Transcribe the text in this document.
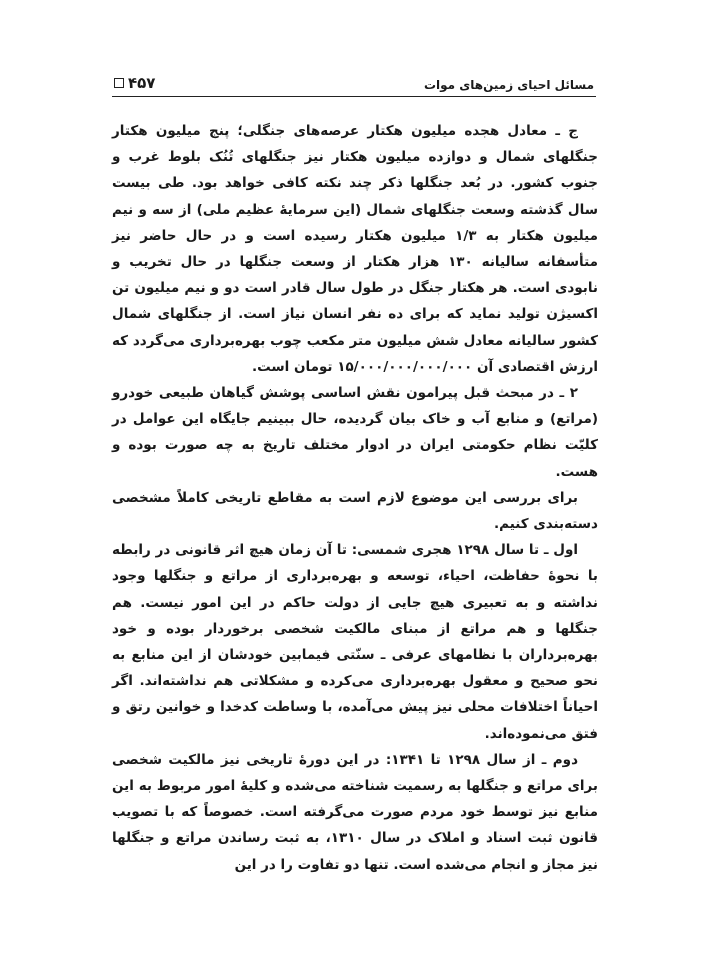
مسائل احیای زمین‌های موات
۴۵۷

ج ـ معادل هجده میلیون هکتار عرصه‌های جنگلی؛ پنج میلیون هکتار جنگلهای شمال و دوازده میلیون هکتار نیز جنگلهای تُنُک بلوط غرب و جنوب کشور. در بُعد جنگلها ذکر چند نکته کافی خواهد بود. طی بیست سال گذشته وسعت جنگلهای شمال (این سرمایهٔ عظیم ملی) از سه و نیم میلیون هکتار به ۱/۳ میلیون هکتار رسیده است و در حال حاضر نیز متأسفانه سالیانه ۱۳۰ هزار هکتار از وسعت جنگلها در حال تخریب و نابودی است. هر هکتار جنگل در طول سال قادر است دو و نیم میلیون تن اکسیژن تولید نماید که برای ده نفر انسان نیاز است. از جنگلهای شمال کشور سالیانه معادل شش میلیون متر مکعب چوب بهره‌برداری می‌گردد که ارزش اقتصادی آن ۱۵/۰۰۰/۰۰۰/۰۰۰/۰۰۰ تومان است.

۲ ـ در مبحث قبل پیرامون نقش اساسی پوشش گیاهان طبیعی خودرو (مراتع) و منابع آب و خاک بیان گردیده، حال ببینیم جایگاه این عوامل در کلیّت نظام حکومتی ایران در ادوار مختلف تاریخ به چه صورت بوده و هست.

برای بررسی این موضوع لازم است به مقاطع تاریخی کاملاً مشخصی دسته‌بندی کنیم.

اول ـ تا سال ۱۲۹۸ هجری شمسی: تا آن زمان هیچ اثر قانونی در رابطه با نحوهٔ حفاظت، احیاء، توسعه و بهره‌برداری از مراتع و جنگلها وجود نداشته و به تعبیری هیچ جایی از دولت حاکم در این امور نیست. هم جنگلها و هم مراتع از مبنای مالکیت شخصی برخوردار بوده و خود بهره‌برداران با نظامهای عرفی ـ سنّتی فیمابین خودشان از این منابع به نحو صحیح و معقول بهره‌برداری می‌کرده و مشکلاتی هم نداشته‌اند. اگر احیاناً اختلافات محلی نیز پیش می‌آمده، با وساطت کدخدا و خوانین رتق و فتق می‌نموده‌اند.

دوم ـ از سال ۱۲۹۸ تا ۱۳۴۱: در این دورهٔ تاریخی نیز مالکیت شخصی برای مراتع و جنگلها به رسمیت شناخته می‌شده و کلیهٔ امور مربوط به این منابع نیز توسط خود مردم صورت می‌گرفته است. خصوصاً که با تصویب قانون ثبت اسناد و املاک در سال ۱۳۱۰، به ثبت رساندن مراتع و جنگلها نیز مجاز و انجام می‌شده است. تنها دو تفاوت را در این
